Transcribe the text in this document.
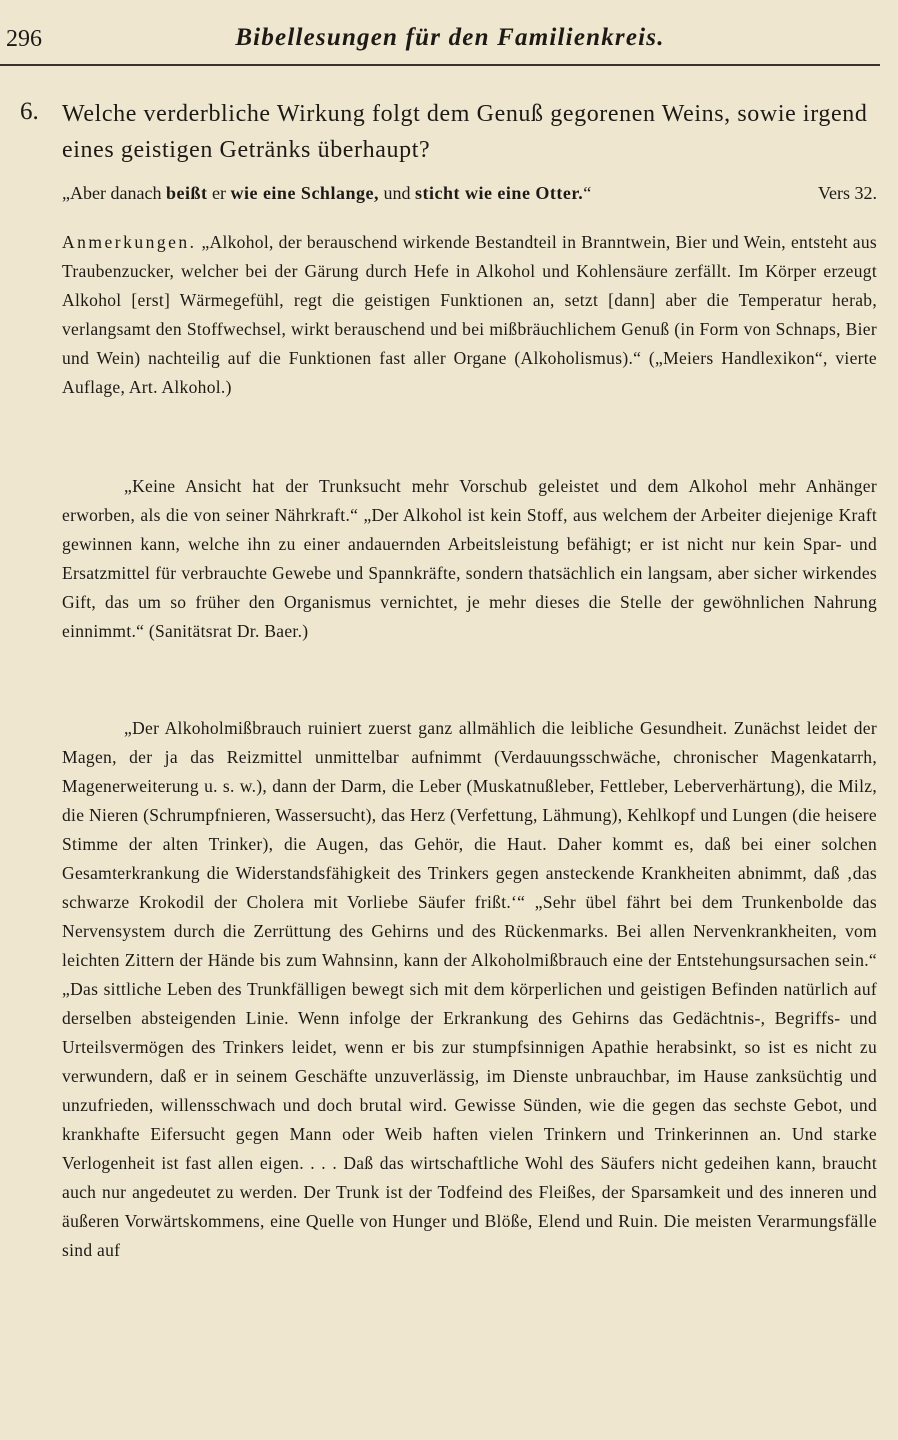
296	Bibellesungen für den Familienkreis.
6. Welche verderbliche Wirkung folgt dem Genuß gegorenen Weins, sowie irgend eines geistigen Getränks überhaupt?
„Aber danach beißt er wie eine Schlange, und sticht wie eine Otter.“	Vers 32.

Anmerkungen. „Alkohol, der berauschend wirkende Bestandteil in Branntwein, Bier und Wein, entsteht aus Traubenzucker, welcher bei der Gärung durch Hefe in Alkohol und Kohlensäure zerfällt. Im Körper erzeugt Alkohol [erst] Wärmegefühl, regt die geistigen Funktionen an, setzt [dann] aber die Temperatur herab, verlangsamt den Stoffwechsel, wirkt berauschend und bei mißbräuchlichem Genuß (in Form von Schnaps, Bier und Wein) nachteilig auf die Funktionen fast aller Organe (Alkoholismus).“ („Meiers Handlexikon“, vierte Auflage, Art. Alkohol.)

„Keine Ansicht hat der Trunksucht mehr Vorschub geleistet und dem Alkohol mehr Anhänger erworben, als die von seiner Nährkraft.“ „Der Alkohol ist kein Stoff, aus welchem der Arbeiter diejenige Kraft gewinnen kann, welche ihn zu einer andauernden Arbeitsleistung befähigt; er ist nicht nur kein Spar- und Ersatzmittel für verbrauchte Gewebe und Spannkräfte, sondern thatsächlich ein langsam, aber sicher wirkendes Gift, das um so früher den Organismus vernichtet, je mehr dieses die Stelle der gewöhnlichen Nahrung einnimmt.“ (Sanitätsrat Dr. Baer.)

„Der Alkoholmißbrauch ruiniert zuerst ganz allmählich die leibliche Gesundheit. Zunächst leidet der Magen, der ja das Reizmittel unmittelbar aufnimmt (Verdauungsschwäche, chronischer Magenkatarrh, Magenerweiterung u. s. w.), dann der Darm, die Leber (Muskatnußleber, Fettleber, Leberverhärtung), die Milz, die Nieren (Schrumpfnieren, Wassersucht), das Herz (Verfettung, Lähmung), Kehlkopf und Lungen (die heisere Stimme der alten Trinker), die Augen, das Gehör, die Haut. Daher kommt es, daß bei einer solchen Gesamterkrankung die Widerstandsfähigkeit des Trinkers gegen ansteckende Krankheiten abnimmt, daß ‚das schwarze Krokodil der Cholera mit Vorliebe Säufer frißt.‘“ „Sehr übel fährt bei dem Trunkenbolde das Nervensystem durch die Zerrüttung des Gehirns und des Rückenmarks. Bei allen Nervenkrankheiten, vom leichten Zittern der Hände bis zum Wahnsinn, kann der Alkoholmißbrauch eine der Entstehungsursachen sein.“ „Das sittliche Leben des Trunkfälligen bewegt sich mit dem körperlichen und geistigen Befinden natürlich auf derselben absteigenden Linie. Wenn infolge der Erkrankung des Gehirns das Gedächtnis-, Begriffs- und Urteilsvermögen des Trinkers leidet, wenn er bis zur stumpfsinnigen Apathie herabsinkt, so ist es nicht zu verwundern, daß er in seinem Geschäfte unzuverlässig, im Dienste unbrauchbar, im Hause zanksüchtig und unzufrieden, willensschwach und doch brutal wird. Gewisse Sünden, wie die gegen das sechste Gebot, und krankhafte Eifersucht gegen Mann oder Weib haften vielen Trinkern und Trinkerinnen an. Und starke Verlogenheit ist fast allen eigen. . . . Daß das wirtschaftliche Wohl des Säufers nicht gedeihen kann, braucht auch nur angedeutet zu werden. Der Trunk ist der Todfeind des Fleißes, der Sparsamkeit und des inneren und äußeren Vorwärtskommens, eine Quelle von Hunger und Blöße, Elend und Ruin. Die meisten Verarmungsfälle sind auf
